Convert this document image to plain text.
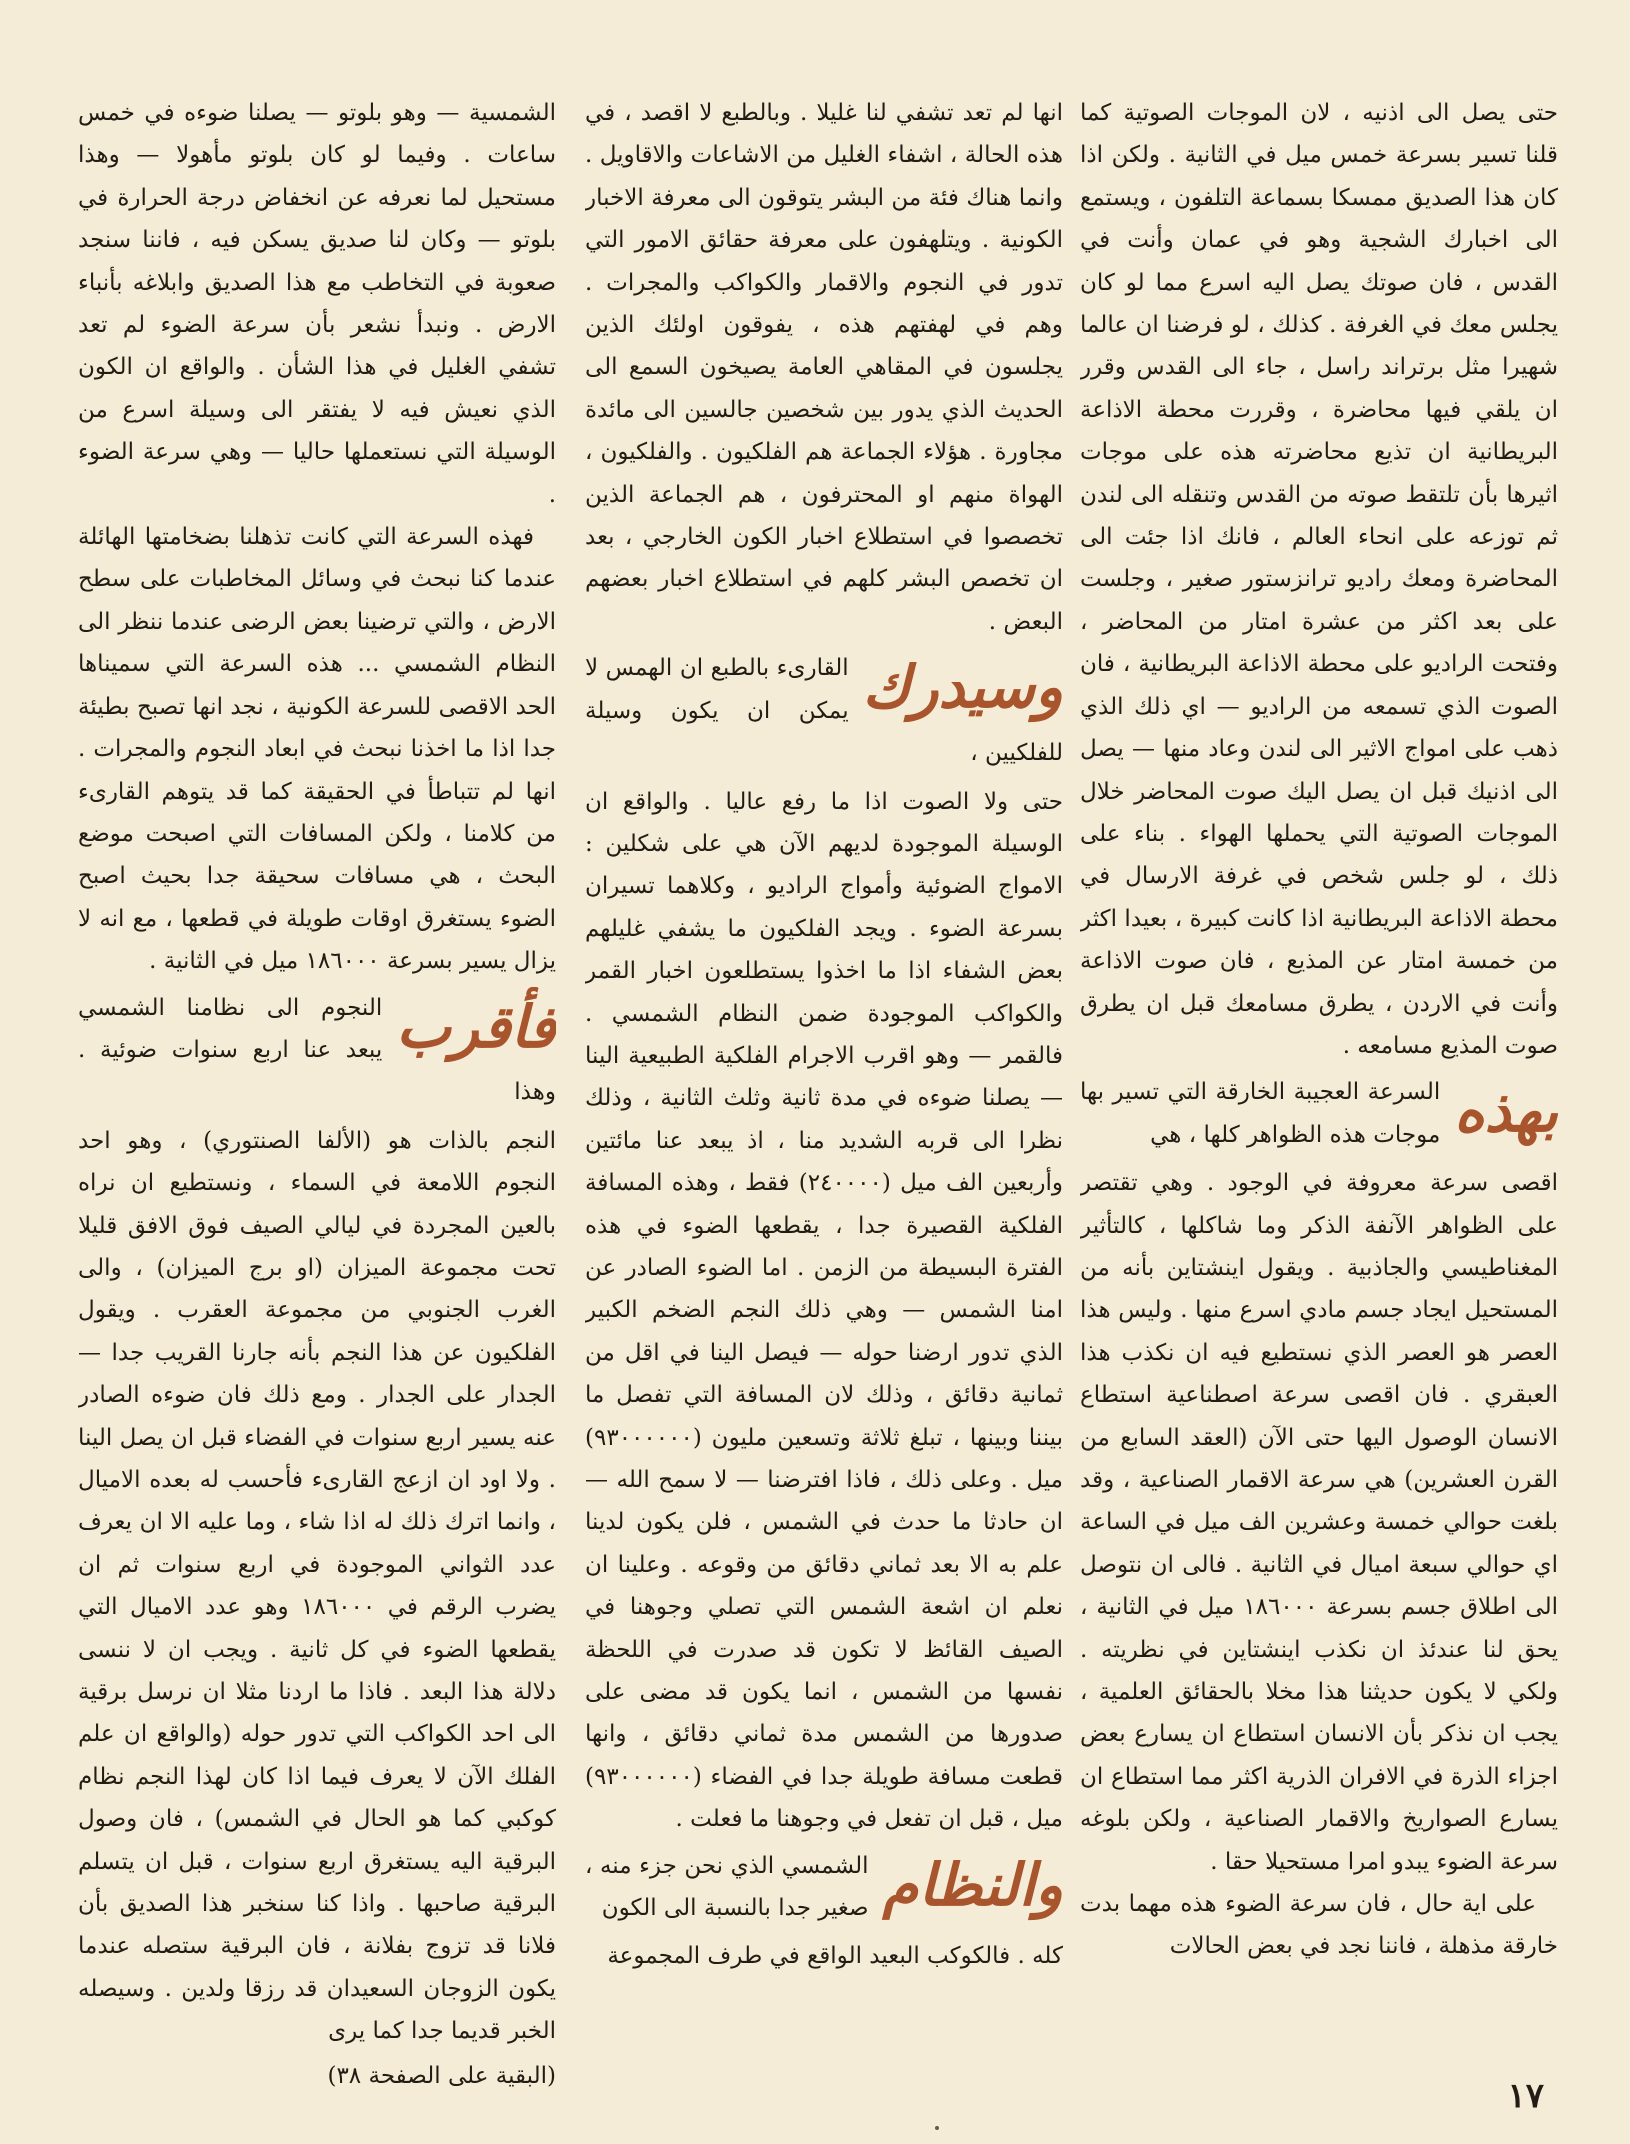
حتى يصل الى اذنيه ، لان الموجات الصوتية كما قلنا تسير بسرعة خمس ميل في الثانية . ولكن اذا كان هذا الصديق ممسكا بسماعة التلفون ، ويستمع الى اخبارك الشجية وهو في عمان وأنت في القدس ، فان صوتك يصل اليه اسرع مما لو كان يجلس معك في الغرفة . كذلك ، لو فرضنا ان عالما شهيرا مثل برتراند راسل ، جاء الى القدس وقرر ان يلقي فيها محاضرة ، وقررت محطة الاذاعة البريطانية ان تذيع محاضرته هذه على موجات اثيرها بأن تلتقط صوته من القدس وتنقله الى لندن ثم توزعه على انحاء العالم ، فانك اذا جئت الى المحاضرة ومعك راديو ترانزستور صغير ، وجلست على بعد اكثر من عشرة امتار من المحاضر ، وفتحت الراديو على محطة الاذاعة البريطانية ، فان الصوت الذي تسمعه من الراديو — اي ذلك الذي ذهب على امواج الاثير الى لندن وعاد منها — يصل الى اذنيك قبل ان يصل اليك صوت المحاضر خلال الموجات الصوتية التي يحملها الهواء . بناء على ذلك ، لو جلس شخص في غرفة الارسال في محطة الاذاعة البريطانية اذا كانت كبيرة ، بعيدا اكثر من خمسة امتار عن المذيع ، فان صوت الاذاعة وأنت في الاردن ، يطرق مسامعك قبل ان يطرق صوت المذيع مسامعه .

بهذه
السرعة العجيبة الخارقة التي تسير بها موجات هذه الظواهر كلها ، هي

اقصى سرعة معروفة في الوجود . وهي تقتصر على الظواهر الآنفة الذكر وما شاكلها ، كالتأثير المغناطيسي والجاذبية . ويقول اينشتاين بأنه من المستحيل ايجاد جسم مادي اسرع منها . وليس هذا العصر هو العصر الذي نستطيع فيه ان نكذب هذا العبقري . فان اقصى سرعة اصطناعية استطاع الانسان الوصول اليها حتى الآن (العقد السابع من القرن العشرين) هي سرعة الاقمار الصناعية ، وقد بلغت حوالي خمسة وعشرين الف ميل في الساعة اي حوالي سبعة اميال في الثانية . فالى ان نتوصل الى اطلاق جسم بسرعة ١٨٦٠٠٠ ميل في الثانية ، يحق لنا عندئذ ان نكذب اينشتاين في نظريته . ولكي لا يكون حديثنا هذا مخلا بالحقائق العلمية ، يجب ان نذكر بأن الانسان استطاع ان يسارع بعض اجزاء الذرة في الافران الذرية اكثر مما استطاع ان يسارع الصواريخ والاقمار الصناعية ، ولكن بلوغه سرعة الضوء يبدو امرا مستحيلا حقا .

على اية حال ، فان سرعة الضوء هذه مهما بدت خارقة مذهلة ، فاننا نجد في بعض الحالات

انها لم تعد تشفي لنا غليلا . وبالطبع لا اقصد ، في هذه الحالة ، اشفاء الغليل من الاشاعات والاقاويل . وانما هناك فئة من البشر يتوقون الى معرفة الاخبار الكونية . ويتلهفون على معرفة حقائق الامور التي تدور في النجوم والاقمار والكواكب والمجرات . وهم في لهفتهم هذه ، يفوقون اولئك الذين يجلسون في المقاهي العامة يصيخون السمع الى الحديث الذي يدور بين شخصين جالسين الى مائدة مجاورة . هؤلاء الجماعة هم الفلكيون . والفلكيون ، الهواة منهم او المحترفون ، هم الجماعة الذين تخصصوا في استطلاع اخبار الكون الخارجي ، بعد ان تخصص البشر كلهم في استطلاع اخبار بعضهم البعض .

وسيدرك
القارىء بالطبع ان الهمس لا يمكن ان يكون وسيلة للفلكيين ،

حتى ولا الصوت اذا ما رفع عاليا . والواقع ان الوسيلة الموجودة لديهم الآن هي على شكلين : الامواج الضوئية وأمواج الراديو ، وكلاهما تسيران بسرعة الضوء . ويجد الفلكيون ما يشفي غليلهم بعض الشفاء اذا ما اخذوا يستطلعون اخبار القمر والكواكب الموجودة ضمن النظام الشمسي . فالقمر — وهو اقرب الاجرام الفلكية الطبيعية الينا — يصلنا ضوءه في مدة ثانية وثلث الثانية ، وذلك نظرا الى قربه الشديد منا ، اذ يبعد عنا مائتين وأربعين الف ميل (٢٤٠٠٠٠) فقط ، وهذه المسافة الفلكية القصيرة جدا ، يقطعها الضوء في هذه الفترة البسيطة من الزمن . اما الضوء الصادر عن امنا الشمس — وهي ذلك النجم الضخم الكبير الذي تدور ارضنا حوله — فيصل الينا في اقل من ثمانية دقائق ، وذلك لان المسافة التي تفصل ما بيننا وبينها ، تبلغ ثلاثة وتسعين مليون (٩٣٠٠٠٠٠٠) ميل . وعلى ذلك ، فاذا افترضنا — لا سمح الله — ان حادثا ما حدث في الشمس ، فلن يكون لدينا علم به الا بعد ثماني دقائق من وقوعه . وعلينا ان نعلم ان اشعة الشمس التي تصلي وجوهنا في الصيف القائظ لا تكون قد صدرت في اللحظة نفسها من الشمس ، انما يكون قد مضى على صدورها من الشمس مدة ثماني دقائق ، وانها قطعت مسافة طويلة جدا في الفضاء (٩٣٠٠٠٠٠٠) ميل ، قبل ان تفعل في وجوهنا ما فعلت .

والنظام
الشمسي الذي نحن جزء منه ، صغير جدا بالنسبة الى الكون

كله . فالكوكب البعيد الواقع في طرف المجموعة

الشمسية — وهو بلوتو — يصلنا ضوءه في خمس ساعات . وفيما لو كان بلوتو مأهولا — وهذا مستحيل لما نعرفه عن انخفاض درجة الحرارة في بلوتو — وكان لنا صديق يسكن فيه ، فاننا سنجد صعوبة في التخاطب مع هذا الصديق وابلاغه بأنباء الارض . ونبدأ نشعر بأن سرعة الضوء لم تعد تشفي الغليل في هذا الشأن . والواقع ان الكون الذي نعيش فيه لا يفتقر الى وسيلة اسرع من الوسيلة التي نستعملها حاليا — وهي سرعة الضوء .

فهذه السرعة التي كانت تذهلنا بضخامتها الهائلة عندما كنا نبحث في وسائل المخاطبات على سطح الارض ، والتي ترضينا بعض الرضى عندما ننظر الى النظام الشمسي ... هذه السرعة التي سميناها الحد الاقصى للسرعة الكونية ، نجد انها تصبح بطيئة جدا اذا ما اخذنا نبحث في ابعاد النجوم والمجرات . انها لم تتباطأ في الحقيقة كما قد يتوهم القارىء من كلامنا ، ولكن المسافات التي اصبحت موضع البحث ، هي مسافات سحيقة جدا بحيث اصبح الضوء يستغرق اوقات طويلة في قطعها ، مع انه لا يزال يسير بسرعة ١٨٦٠٠٠ ميل في الثانية .

فأقرب
النجوم الى نظامنا الشمسي يبعد عنا اربع سنوات ضوئية . وهذا

النجم بالذات هو (الألفا الصنتوري) ، وهو احد النجوم اللامعة في السماء ، ونستطيع ان نراه بالعين المجردة في ليالي الصيف فوق الافق قليلا تحت مجموعة الميزان (او برج الميزان) ، والى الغرب الجنوبي من مجموعة العقرب . ويقول الفلكيون عن هذا النجم بأنه جارنا القريب جدا — الجدار على الجدار . ومع ذلك فان ضوءه الصادر عنه يسير اربع سنوات في الفضاء قبل ان يصل الينا . ولا اود ان ازعج القارىء فأحسب له بعده الاميال ، وانما اترك ذلك له اذا شاء ، وما عليه الا ان يعرف عدد الثواني الموجودة في اربع سنوات ثم ان يضرب الرقم في ١٨٦٠٠٠ وهو عدد الاميال التي يقطعها الضوء في كل ثانية . ويجب ان لا ننسى دلالة هذا البعد . فاذا ما اردنا مثلا ان نرسل برقية الى احد الكواكب التي تدور حوله (والواقع ان علم الفلك الآن لا يعرف فيما اذا كان لهذا النجم نظام كوكبي كما هو الحال في الشمس) ، فان وصول البرقية اليه يستغرق اربع سنوات ، قبل ان يتسلم البرقية صاحبها . واذا كنا سنخبر هذا الصديق بأن فلانا قد تزوج بفلانة ، فان البرقية ستصله عندما يكون الزوجان السعيدان قد رزقا ولدين . وسيصله الخبر قديما جدا كما يرى

(البقية على الصفحة ٣٨)
١٧
